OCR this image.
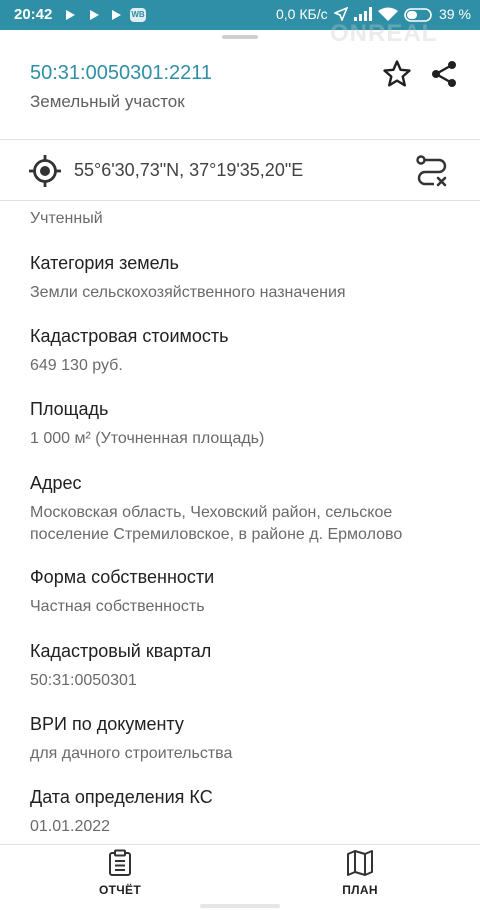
20:42	WB	0,0 КБ/с	39 %
ONREAL
50:31:0050301:2211
Земельный участок
55°6'30,73"N, 37°19'35,20"E
Учтенный
Категория земель
Земли сельскохозяйственного назначения
Кадастровая стоимость
649 130 руб.
Площадь
1 000 м² (Уточненная площадь)
Адрес
Московская область, Чеховский район, сельское поселение Стремиловское, в районе д. Ермолово
Форма собственности
Частная собственность
Кадастровый квартал
50:31:0050301
ВРИ по документу
для дачного строительства
Дата определения КС
01.01.2022
ОТЧЁТ	ПЛАН
